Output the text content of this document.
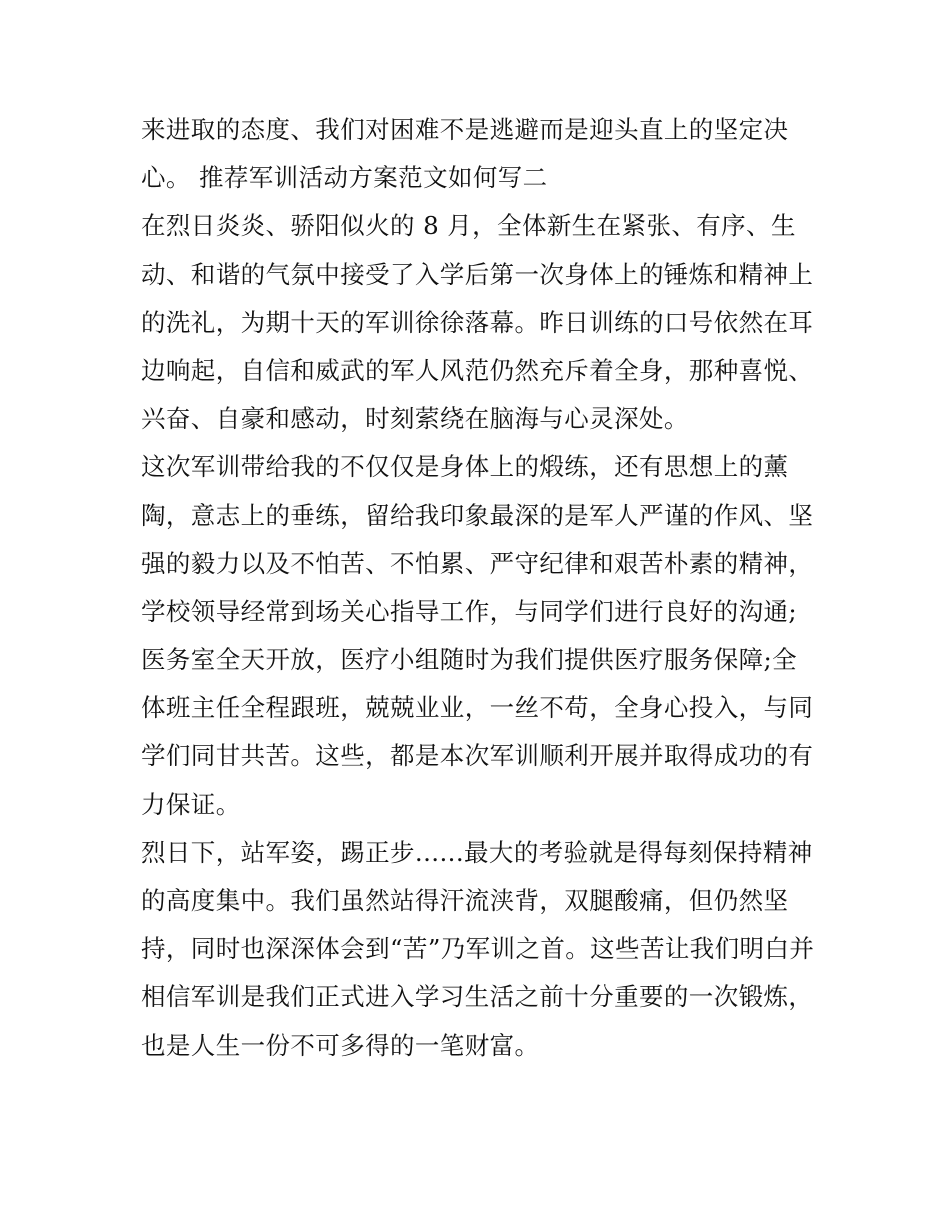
来进取的态度、我们对困难不是逃避而是迎头直上的坚定决
心。 推荐军训活动方案范文如何写二
在烈日炎炎、骄阳似火的 8 月，全体新生在紧张、有序、生
动、和谐的气氛中接受了入学后第一次身体上的锤炼和精神上
的洗礼，为期十天的军训徐徐落幕。昨日训练的口号依然在耳
边响起，自信和威武的军人风范仍然充斥着全身，那种喜悦、
兴奋、自豪和感动，时刻萦绕在脑海与心灵深处。
这次军训带给我的不仅仅是身体上的煅练，还有思想上的薰
陶，意志上的垂练，留给我印象最深的是军人严谨的作风、坚
强的毅力以及不怕苦、不怕累、严守纪律和艰苦朴素的精神，
学校领导经常到场关心指导工作，与同学们进行良好的沟通;
医务室全天开放，医疗小组随时为我们提供医疗服务保障;全
体班主任全程跟班，兢兢业业，一丝不苟，全身心投入，与同
学们同甘共苦。这些，都是本次军训顺利开展并取得成功的有
力保证。
烈日下，站军姿，踢正步......最大的考验就是得每刻保持精神
的高度集中。我们虽然站得汗流浃背，双腿酸痛，但仍然坚
持，同时也深深体会到“苦”乃军训之首。这些苦让我们明白并
相信军训是我们正式进入学习生活之前十分重要的一次锻炼，
也是人生一份不可多得的一笔财富。
